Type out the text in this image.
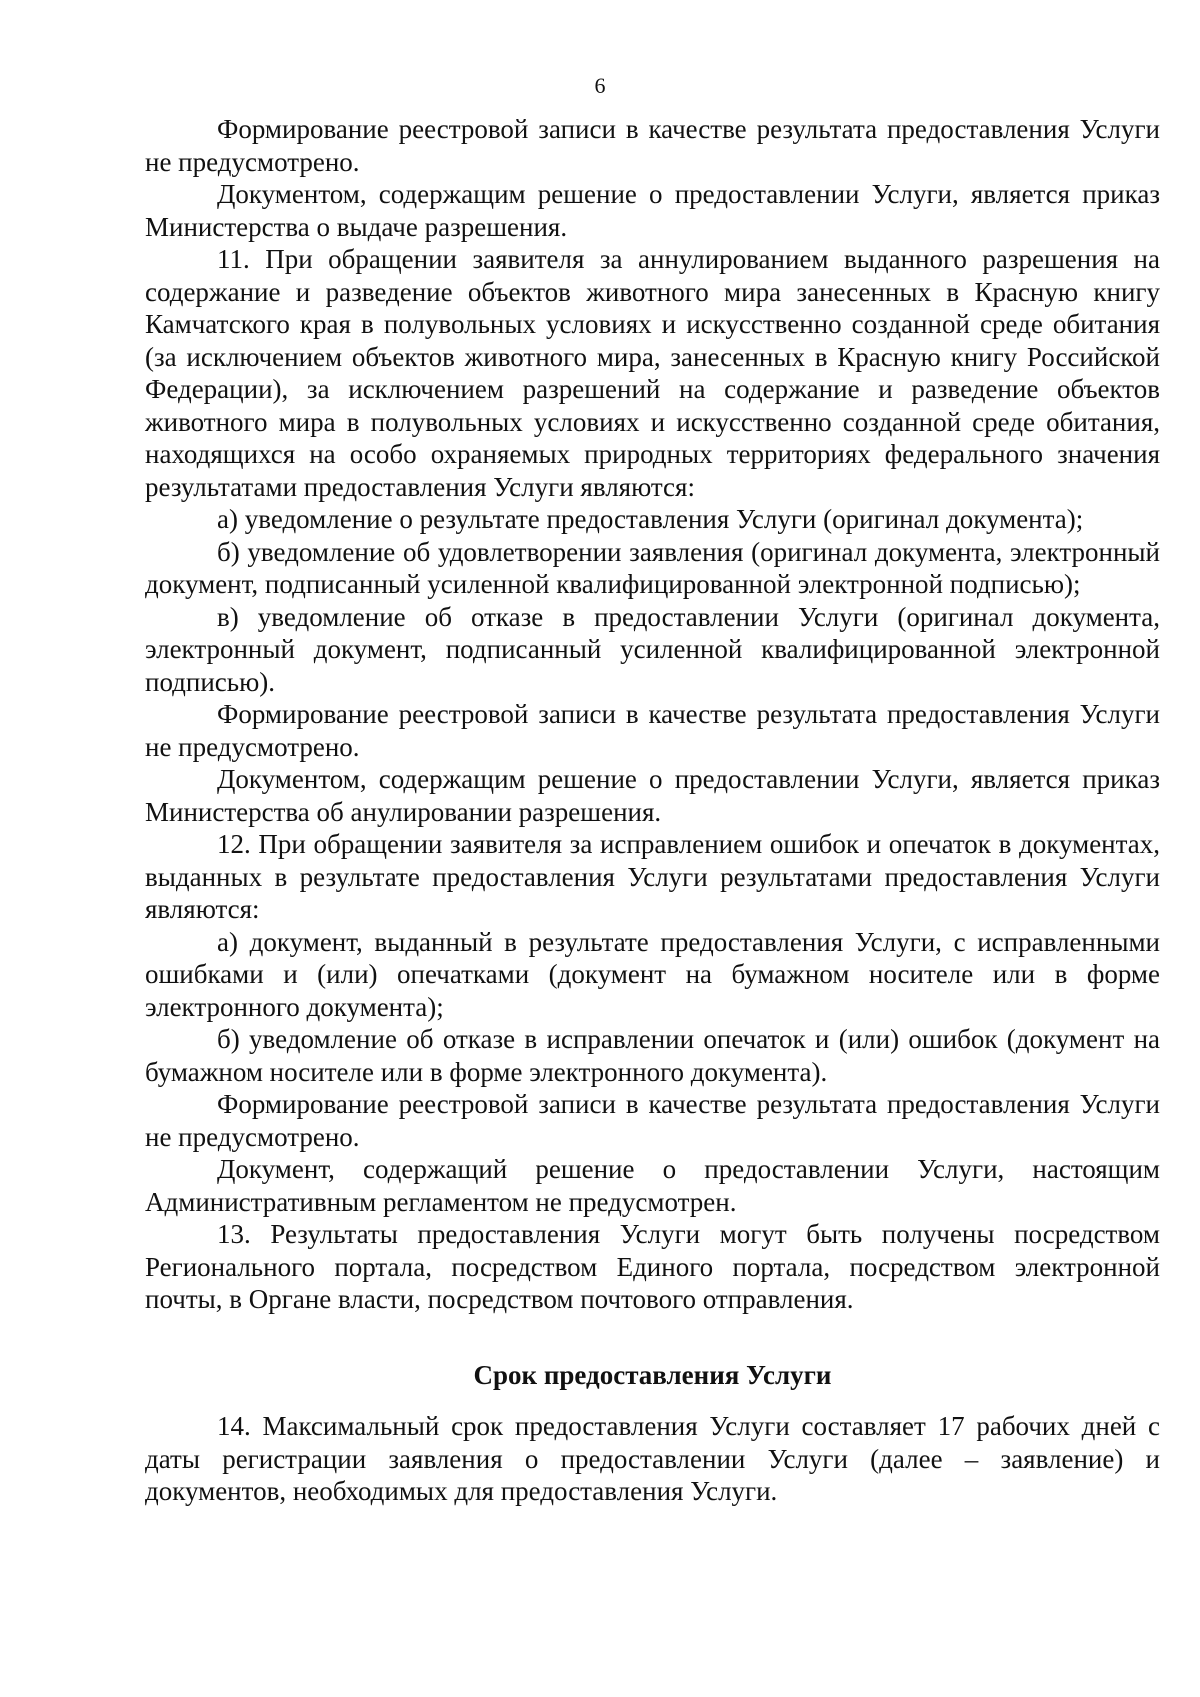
6

Формирование реестровой записи в качестве результата предоставления Услуги не предусмотрено.

Документом, содержащим решение о предоставлении Услуги, является приказ Министерства о выдаче разрешения.

11. При обращении заявителя за аннулированием выданного разрешения на содержание и разведение объектов животного мира занесенных в Красную книгу Камчатского края в полувольных условиях и искусственно созданной среде обитания (за исключением объектов животного мира, занесенных в Красную книгу Российской Федерации), за исключением разрешений на содержание и разведение объектов животного мира в полувольных условиях и искусственно созданной среде обитания, находящихся на особо охраняемых природных территориях федерального значения результатами предоставления Услуги являются:

а) уведомление о результате предоставления Услуги (оригинал документа);

б) уведомление об удовлетворении заявления (оригинал документа, электронный документ, подписанный усиленной квалифицированной электронной подписью);

в) уведомление об отказе в предоставлении Услуги (оригинал документа, электронный документ, подписанный усиленной квалифицированной электронной подписью).

Формирование реестровой записи в качестве результата предоставления Услуги не предусмотрено.

Документом, содержащим решение о предоставлении Услуги, является приказ Министерства об анулировании разрешения.

12. При обращении заявителя за исправлением ошибок и опечаток в документах, выданных в результате предоставления Услуги результатами предоставления Услуги являются:

а) документ, выданный в результате предоставления Услуги, с исправленными ошибками и (или) опечатками (документ на бумажном носителе или в форме электронного документа);

б) уведомление об отказе в исправлении опечаток и (или) ошибок (документ на бумажном носителе или в форме электронного документа).

Формирование реестровой записи в качестве результата предоставления Услуги не предусмотрено.

Документ, содержащий решение о предоставлении Услуги, настоящим Административным регламентом не предусмотрен.

13. Результаты предоставления Услуги могут быть получены посредством Регионального портала, посредством Единого портала, посредством электронной почты, в Органе власти, посредством почтового отправления.

Срок предоставления Услуги

14. Максимальный срок предоставления Услуги составляет 17 рабочих дней с даты регистрации заявления о предоставлении Услуги (далее – заявление) и документов, необходимых для предоставления Услуги.
